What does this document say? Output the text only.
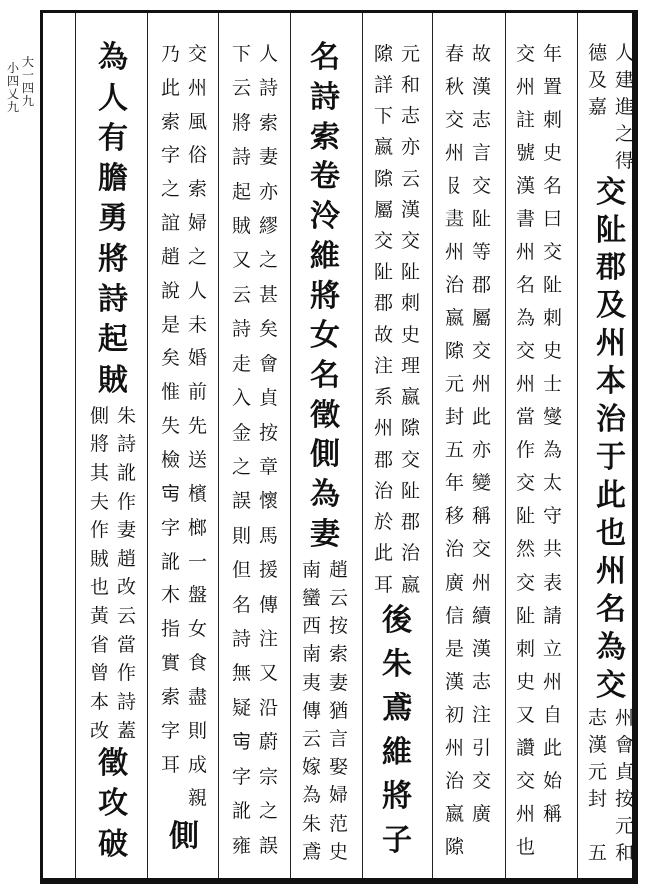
小
四
乂
九
大
一
四
九
人
德
建
及
進
嘉
之
得
交
阯
郡
及
州
本
治
于
此
也
州
名
為
交
州
志
會
漢
貞
元
按
封
元
和
五
年
交
置
州
刺
註
史
號
名
漢
曰
書
交
州
阯
名
刺
為
史
交
士
州
燮
當
為
作
太
交
守
阯
共
然
表
交
請
阯
立
刺
州
史
自
又
此
讚
始
交
稱
州
也
故
春
漢
秋
志
交
言
州
交
𠬝
阯
𦘕
等
州
郡
治
屬
嬴
交
𨻶
州
元
此
封
亦
五
變
年
稱
移
交
治
州
廣
續
信
漢
是
志
漢
注
初
引
州
交
治
廣
嬴
𨻶
元
𨻶
和
詳
志
下
亦
嬴
云
𨻶
漢
屬
交
交
阯
阯
刺
郡
史
故
理
注
嬴
系
𨻶
州
交
郡
阯
治
郡
於
治
此
嬴
耳
後
朱
鳶
維
將
子
名
詩
索
卷
泠
維
將
女
名
徵
側
為
妻
趙
南
云
蠻
按
西
索
南
妻
夷
猶
傳
言
云
娶
嫁
婦
為
范
朱
史
鳶
人
下
詩
云
索
將
妻
詩
亦
起
繆
賊
之
又
甚
云
矣
詩
會
走
貞
入
按
金
章
之
懷
誤
馬
則
援
但
傳
名
注
詩
又
無
沿
疑
蔚
𡧍
宗
字
之
訛
誤
雍
交
乃
州
此
風
索
俗
字
索
之
婦
誼
之
趙
人
說
未
是
婚
矣
前
惟
先
失
送
檢
檳
𡧍
榔
字
一
訛
盤
木
女
指
食
實
盡
索
則
字
成
耳
親
側
為
人
有
膽
勇
將
詩
起
賊
朱
側
詩
將
訛
其
作
夫
妻
作
趙
賊
改
也
云
黃
當
省
作
曾
詩
本
蓋
改
徵
攻
破
